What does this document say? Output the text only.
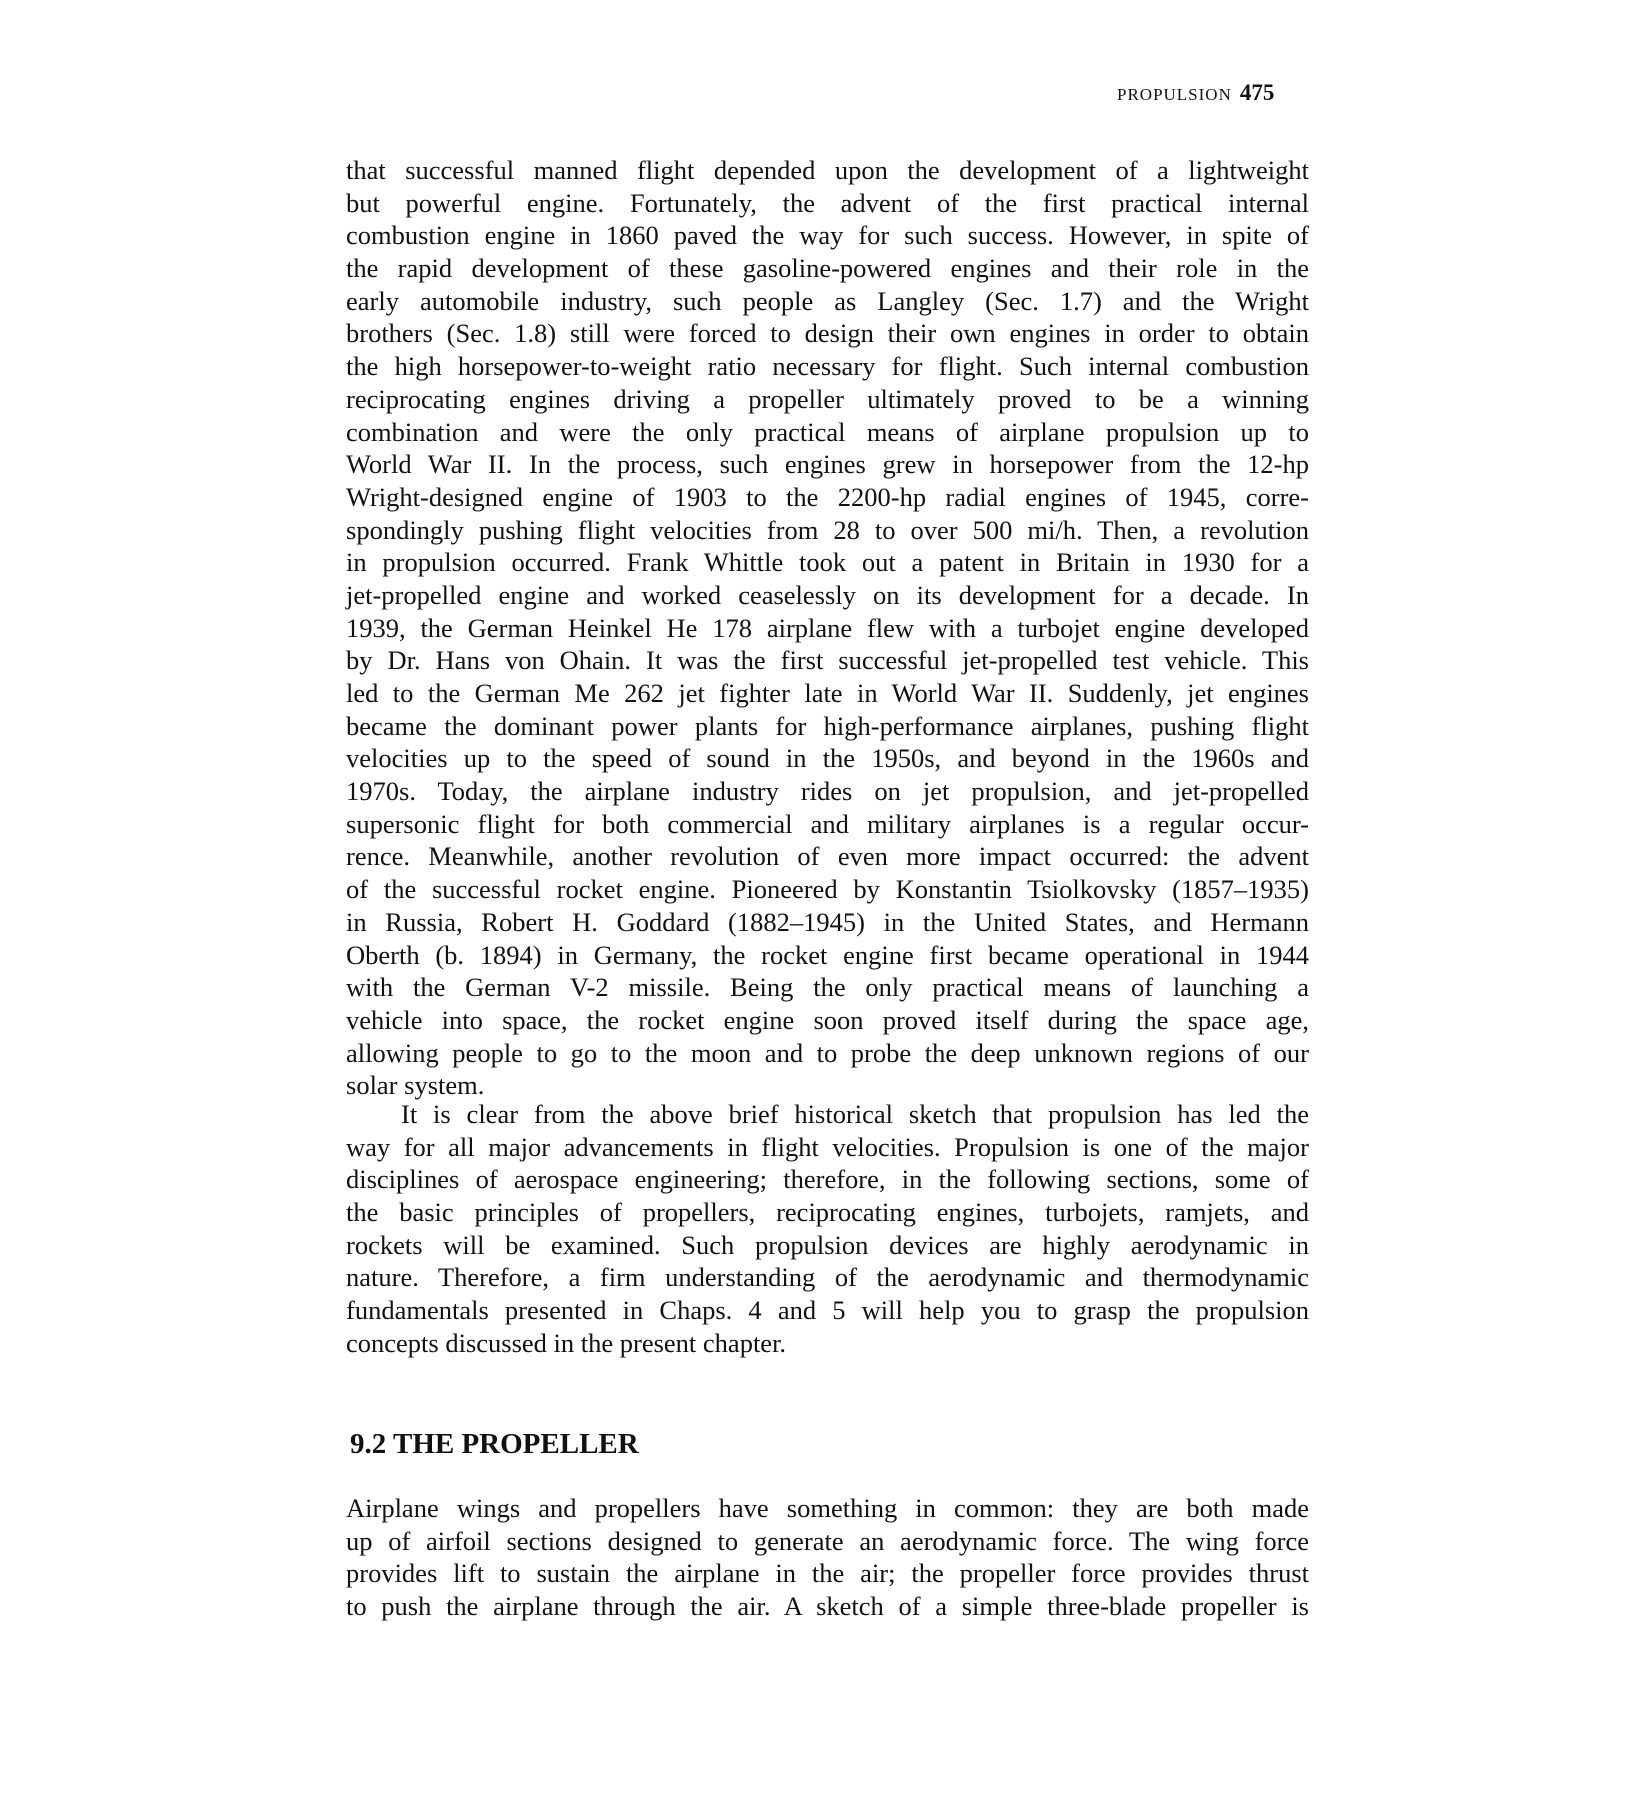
PROPULSION 475
that successful manned flight depended upon the development of a lightweight
but powerful engine. Fortunately, the advent of the first practical internal
combustion engine in 1860 paved the way for such success. However, in spite of
the rapid development of these gasoline-powered engines and their role in the
early automobile industry, such people as Langley (Sec. 1.7) and the Wright
brothers (Sec. 1.8) still were forced to design their own engines in order to obtain
the high horsepower-to-weight ratio necessary for flight. Such internal combustion
reciprocating engines driving a propeller ultimately proved to be a winning
combination and were the only practical means of airplane propulsion up to
World War II. In the process, such engines grew in horsepower from the 12-hp
Wright-designed engine of 1903 to the 2200-hp radial engines of 1945, corre-
spondingly pushing flight velocities from 28 to over 500 mi/h. Then, a revolution
in propulsion occurred. Frank Whittle took out a patent in Britain in 1930 for a
jet-propelled engine and worked ceaselessly on its development for a decade. In
1939, the German Heinkel He 178 airplane flew with a turbojet engine developed
by Dr. Hans von Ohain. It was the first successful jet-propelled test vehicle. This
led to the German Me 262 jet fighter late in World War II. Suddenly, jet engines
became the dominant power plants for high-performance airplanes, pushing flight
velocities up to the speed of sound in the 1950s, and beyond in the 1960s and
1970s. Today, the airplane industry rides on jet propulsion, and jet-propelled
supersonic flight for both commercial and military airplanes is a regular occur-
rence. Meanwhile, another revolution of even more impact occurred: the advent
of the successful rocket engine. Pioneered by Konstantin Tsiolkovsky (1857–1935)
in Russia, Robert H. Goddard (1882–1945) in the United States, and Hermann
Oberth (b. 1894) in Germany, the rocket engine first became operational in 1944
with the German V-2 missile. Being the only practical means of launching a
vehicle into space, the rocket engine soon proved itself during the space age,
allowing people to go to the moon and to probe the deep unknown regions of our
solar system.
It is clear from the above brief historical sketch that propulsion has led the
way for all major advancements in flight velocities. Propulsion is one of the major
disciplines of aerospace engineering; therefore, in the following sections, some of
the basic principles of propellers, reciprocating engines, turbojets, ramjets, and
rockets will be examined. Such propulsion devices are highly aerodynamic in
nature. Therefore, a firm understanding of the aerodynamic and thermodynamic
fundamentals presented in Chaps. 4 and 5 will help you to grasp the propulsion
concepts discussed in the present chapter.
9.2 THE PROPELLER
Airplane wings and propellers have something in common: they are both made
up of airfoil sections designed to generate an aerodynamic force. The wing force
provides lift to sustain the airplane in the air; the propeller force provides thrust
to push the airplane through the air. A sketch of a simple three-blade propeller is
